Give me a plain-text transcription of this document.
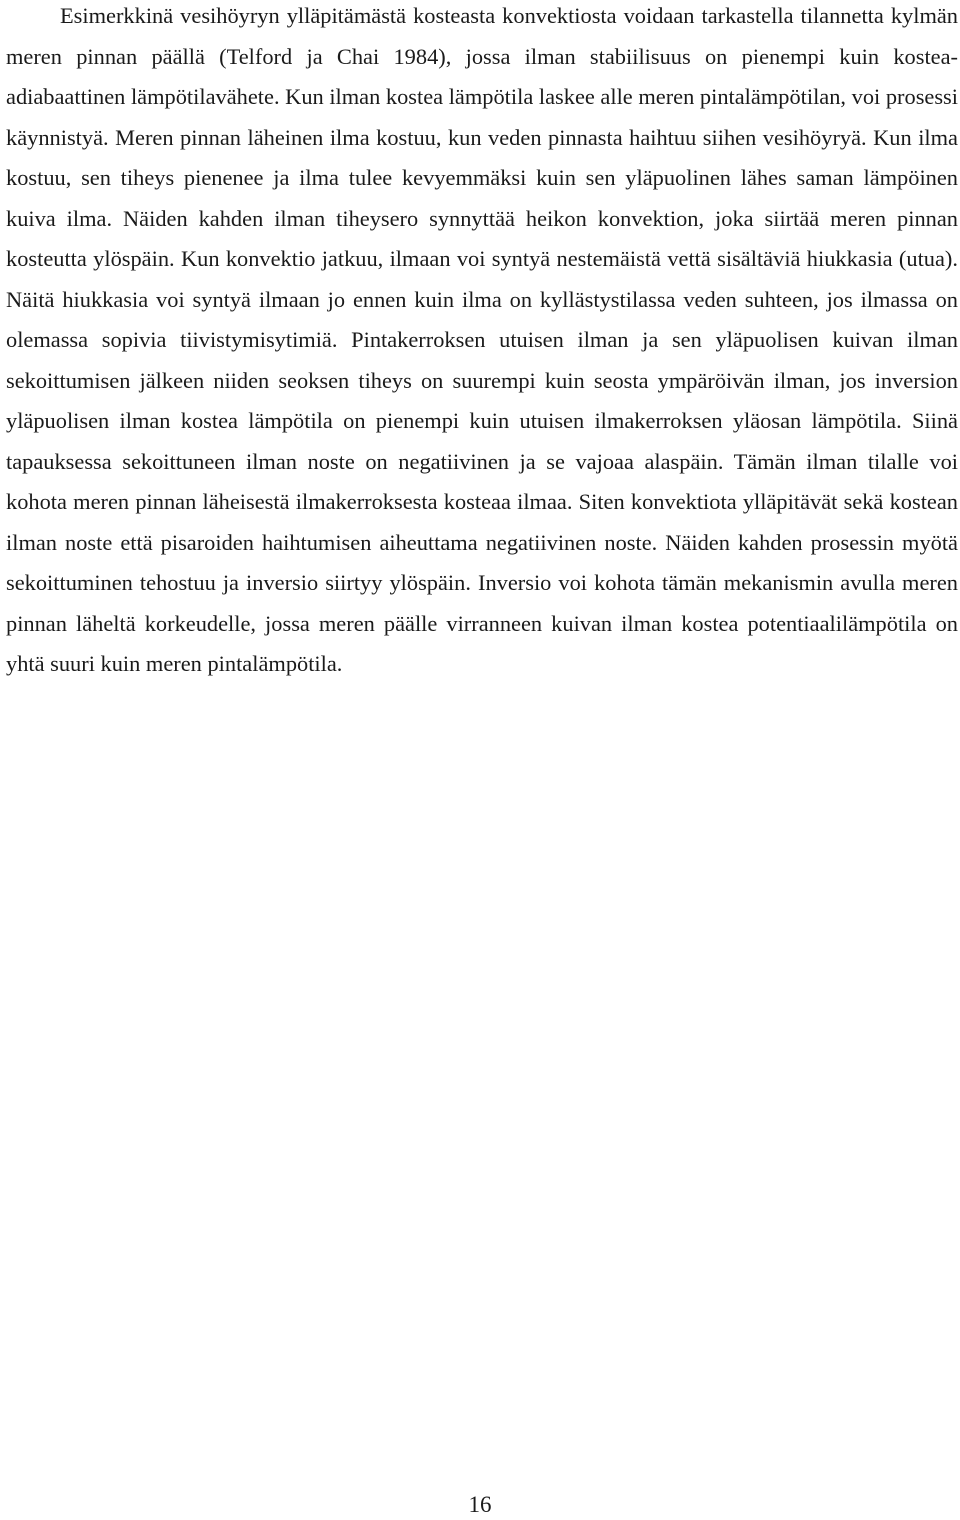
Esimerkkinä vesihöyryn ylläpitämästä kosteasta konvektiosta voidaan tarkastella tilannetta kylmän meren pinnan päällä (Telford ja Chai 1984), jossa ilman stabiilisuus on pienempi kuin kostea-adiabaattinen lämpötilavähete. Kun ilman kostea lämpötila laskee alle meren pintalämpötilan, voi prosessi käynnistyä. Meren pinnan läheinen ilma kostuu, kun veden pinnasta haihtuu siihen vesihöyryä. Kun ilma kostuu, sen tiheys pienenee ja ilma tulee kevyemmäksi kuin sen yläpuolinen lähes saman lämpöinen kuiva ilma. Näiden kahden ilman tiheysero synnyttää heikon konvektion, joka siirtää meren pinnan kosteutta ylöspäin. Kun konvektio jatkuu, ilmaan voi syntyä nestemäistä vettä sisältäviä hiukkasia (utua). Näitä hiukkasia voi syntyä ilmaan jo ennen kuin ilma on kyllästystilassa veden suhteen, jos ilmassa on olemassa sopivia tiivistymisytimiä. Pintakerroksen utuisen ilman ja sen yläpuolisen kuivan ilman sekoittumisen jälkeen niiden seoksen tiheys on suurempi kuin seosta ympäröivän ilman, jos inversion yläpuolisen ilman kostea lämpötila on pienempi kuin utuisen ilmakerroksen yläosan lämpötila. Siinä tapauksessa sekoittuneen ilman noste on negatiivinen ja se vajoaa alaspäin. Tämän ilman tilalle voi kohota meren pinnan läheisestä ilmakerroksesta kosteaa ilmaa. Siten konvektiota ylläpitävät sekä kostean ilman noste että pisaroiden haihtumisen aiheuttama negatiivinen noste. Näiden kahden prosessin myötä sekoittuminen tehostuu ja inversio siirtyy ylöspäin. Inversio voi kohota tämän mekanismin avulla meren pinnan läheltä korkeudelle, jossa meren päälle virranneen kuivan ilman kostea potentiaalilämpötila on yhtä suuri kuin meren pintalämpötila.

16
